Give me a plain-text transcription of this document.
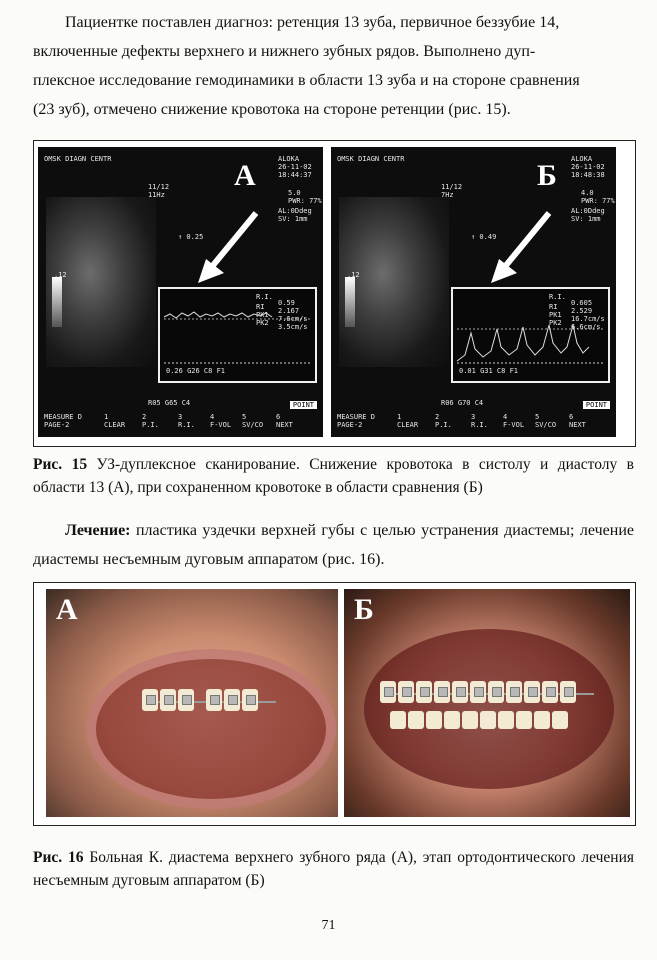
Пациентке поставлен диагноз: ретенция 13 зуба, первичное беззубие 14,
включенные дефекты верхнего и нижнего зубных рядов. Выполнено дуп-
плексное исследование гемодинамики в области 13 зуба и на стороне сравнения
(23 зуб), отмечено снижение кровотока на стороне ретенции (рис. 15).
OMSK DIAGN CENTR	ALOKA
26-11-02
18:44:37
11/12
11Hz	5.0
PWR: 77%
AL:0Ddeg
SV: 1mm
↑ 0.25
.12
А
R.I.
RI
PK1
PK2
0.59
2.167
7.6cm/s
3.5cm/s
0.26 G26 C8 F1
R05 G65 C4	POINT
MEASURE D
PAGE-2
1
CLEAR
2
P.I.
3
R.I.
4
F-VOL
5
SV/CO
6
NEXT
OMSK DIAGN CENTR	ALOKA
26-11-02
18:48:38
11/12
7Hz	4.0
PWR: 77%
AL:0Ddeg
SV: 1mm
↑ 0.49
.12
Б
R.I.
RI
PK1
PK2
0.605
2.529
16.7cm/s
6.6cm/s
0.01 G31 C8 F1
R06 G70 C4	POINT
MEASURE D
PAGE-2
1
CLEAR
2
P.I.
3
R.I.
4
F-VOL
5
SV/CO
6
NEXT

Рис. 15 УЗ-дуплексное сканирование. Снижение кровотока в систолу и диастолу в области 13 (А), при сохраненном кровотоке в области сравнения (Б)

Лечение: пластика уздечки верхней губы с целью устранения диастемы; лечение диастемы несъемным дуговым аппаратом (рис. 16).

А	Б

Рис. 16 Больная К. диастема верхнего зубного ряда (А), этап ортодонтического лечения несъемным дуговым аппаратом (Б)

71
